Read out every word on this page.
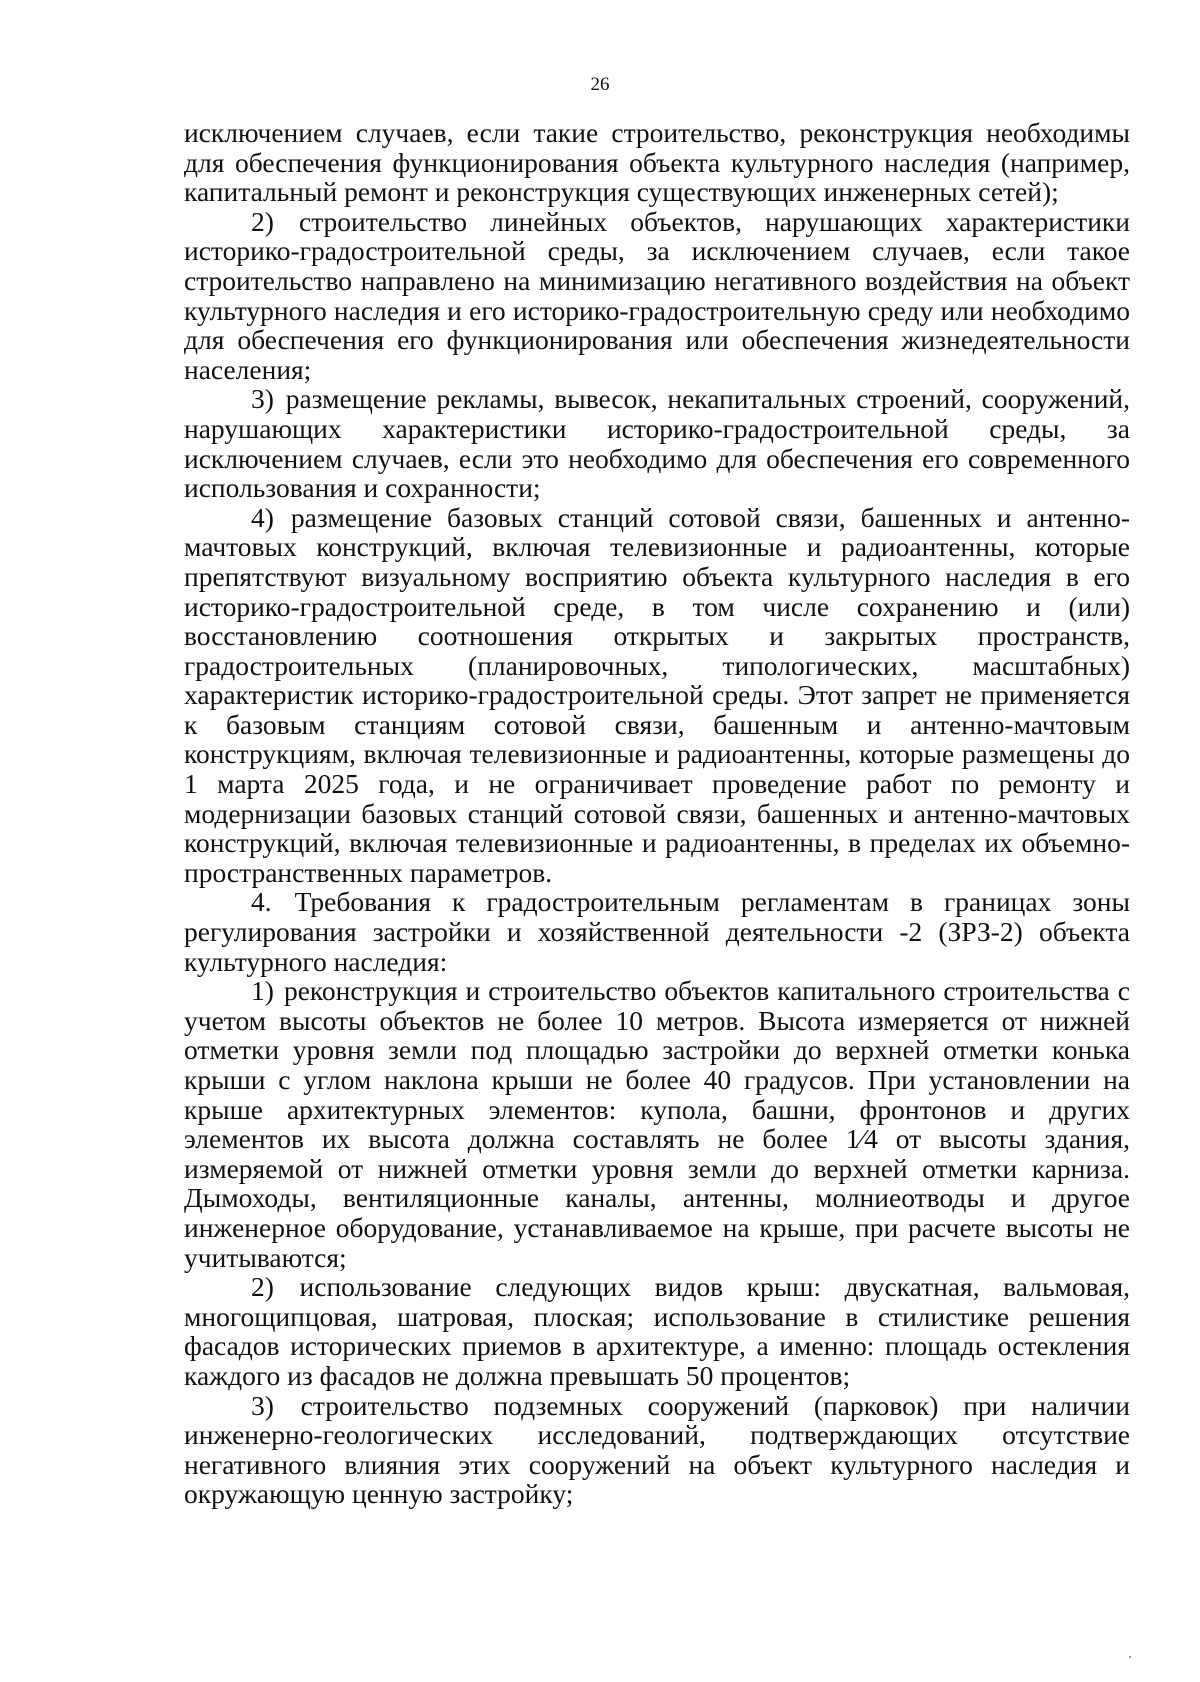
26

исключением случаев, если такие строительство, реконструкция необходимы для обеспечения функционирования объекта культурного наследия (например, капитальный ремонт и реконструкция существующих инженерных сетей);

2) строительство линейных объектов, нарушающих характеристики историко-градостроительной среды, за исключением случаев, если такое строительство направлено на минимизацию негативного воздействия на объект культурного наследия и его историко-градостроительную среду или необходимо для обеспечения его функционирования или обеспечения жизнедеятельности населения;

3) размещение рекламы, вывесок, некапитальных строений, сооружений, нарушающих характеристики историко-градостроительной среды, за исключением случаев, если это необходимо для обеспечения его современного использования и сохранности;

4) размещение базовых станций сотовой связи, башенных и антенно-мачтовых конструкций, включая телевизионные и радиоантенны, которые препятствуют визуальному восприятию объекта культурного наследия в его историко-градостроительной среде, в том числе сохранению и (или) восстановлению соотношения открытых и закрытых пространств, градостроительных (планировочных, типологических, масштабных) характеристик историко-градостроительной среды. Этот запрет не применяется к базовым станциям сотовой связи, башенным и антенно-мачтовым конструкциям, включая телевизионные и радиоантенны, которые размещены до 1 марта 2025 года, и не ограничивает проведение работ по ремонту и модернизации базовых станций сотовой связи, башенных и антенно-мачтовых конструкций, включая телевизионные и радиоантенны, в пределах их объемно-пространственных параметров.

4. Требования к градостроительным регламентам в границах зоны регулирования застройки и хозяйственной деятельности -2 (ЗРЗ-2) объекта культурного наследия:

1) реконструкция и строительство объектов капитального строительства с учетом высоты объектов не более 10 метров. Высота измеряется от нижней отметки уровня земли под площадью застройки до верхней отметки конька крыши с углом наклона крыши не более 40 градусов. При установлении на крыше архитектурных элементов: купола, башни, фронтонов и других элементов их высота должна составлять не более 1⁄4 от высоты здания, измеряемой от нижней отметки уровня земли до верхней отметки карниза. Дымоходы, вентиляционные каналы, антенны, молниеотводы и другое инженерное оборудование, устанавливаемое на крыше, при расчете высоты не учитываются;

2) использование следующих видов крыш: двускатная, вальмовая, многощипцовая, шатровая, плоская; использование в стилистике решения фасадов исторических приемов в архитектуре, а именно: площадь остекления каждого из фасадов не должна превышать 50 процентов;

3) строительство подземных сооружений (парковок) при наличии инженерно-геологических исследований, подтверждающих отсутствие негативного влияния этих сооружений на объект культурного наследия и окружающую ценную застройку;
